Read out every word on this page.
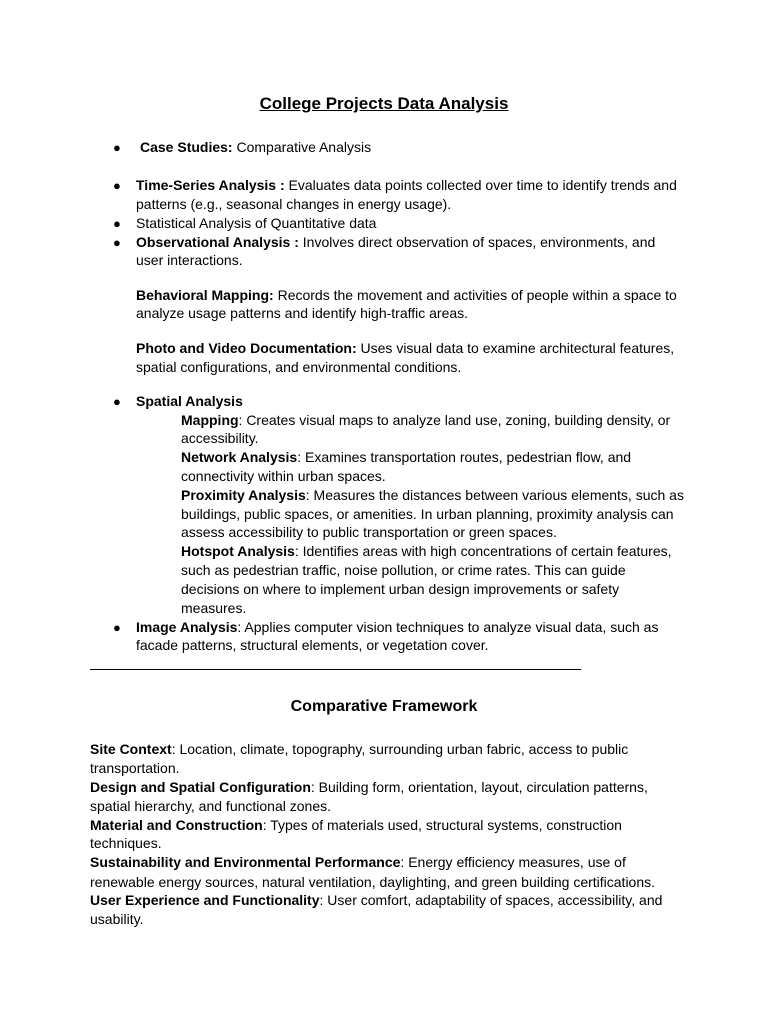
College Projects Data Analysis
● Case Studies: Comparative Analysis
● Time-Series Analysis : Evaluates data points collected over time to identify trends and
patterns (e.g., seasonal changes in energy usage).
● Statistical Analysis of Quantitative data
● Observational Analysis : Involves direct observation of spaces, environments, and
user interactions.
Behavioral Mapping: Records the movement and activities of people within a space to
analyze usage patterns and identify high-traffic areas.
Photo and Video Documentation: Uses visual data to examine architectural features,
spatial configurations, and environmental conditions.
● Spatial Analysis
Mapping: Creates visual maps to analyze land use, zoning, building density, or
accessibility.
Network Analysis: Examines transportation routes, pedestrian flow, and
connectivity within urban spaces.
Proximity Analysis: Measures the distances between various elements, such as
buildings, public spaces, or amenities. In urban planning, proximity analysis can
assess accessibility to public transportation or green spaces.
Hotspot Analysis: Identifies areas with high concentrations of certain features,
such as pedestrian traffic, noise pollution, or crime rates. This can guide
decisions on where to implement urban design improvements or safety
measures.
● Image Analysis: Applies computer vision techniques to analyze visual data, such as
facade patterns, structural elements, or vegetation cover.
Comparative Framework
Site Context: Location, climate, topography, surrounding urban fabric, access to public
transportation.
Design and Spatial Configuration: Building form, orientation, layout, circulation patterns,
spatial hierarchy, and functional zones.
Material and Construction: Types of materials used, structural systems, construction
techniques.
Sustainability and Environmental Performance: Energy efficiency measures, use of
renewable energy sources, natural ventilation, daylighting, and green building certifications.
User Experience and Functionality: User comfort, adaptability of spaces, accessibility, and
usability.
